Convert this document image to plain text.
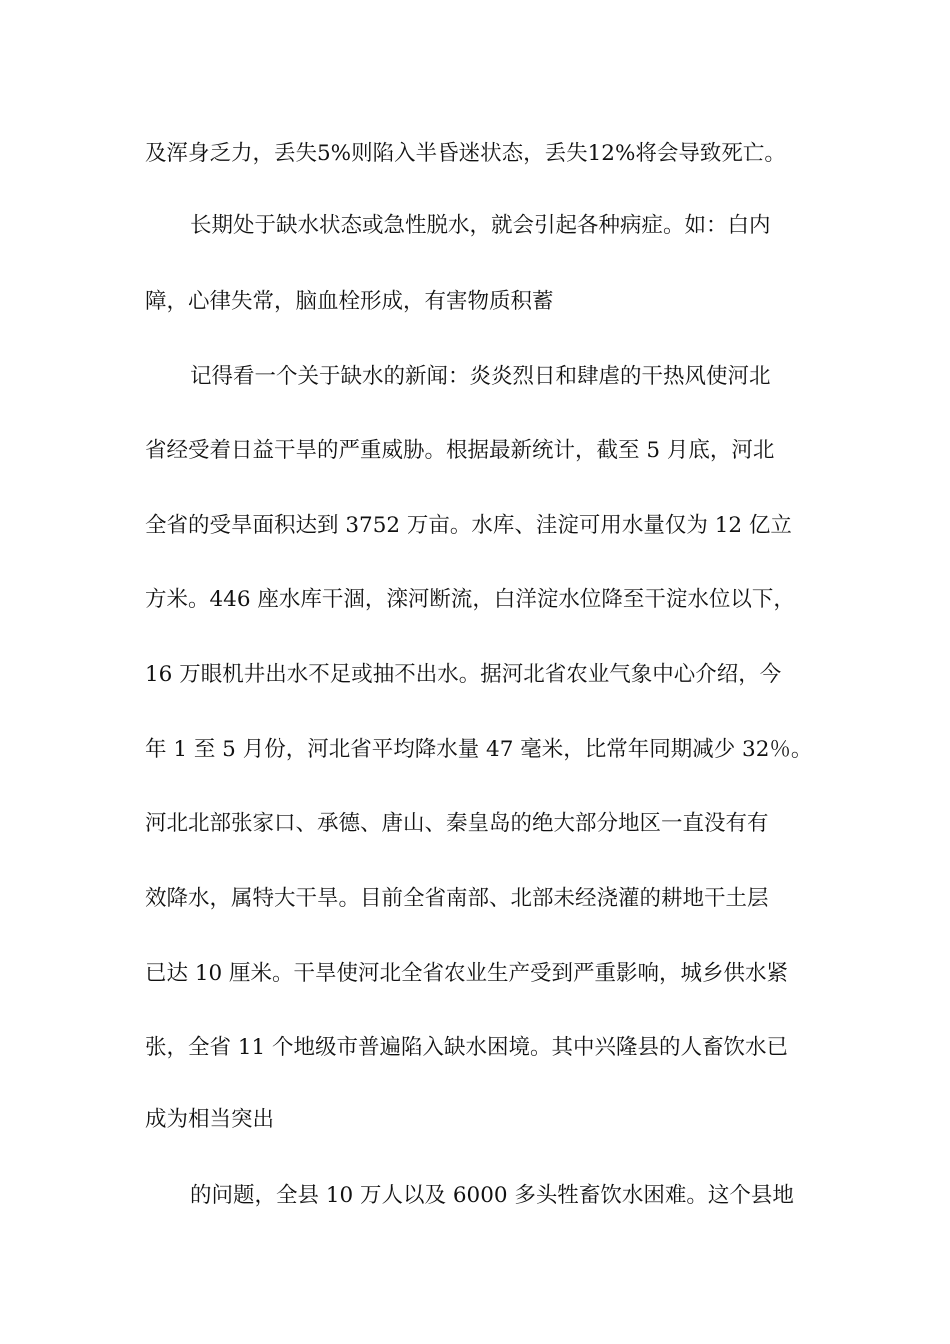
及浑身乏力，丢失5%则陷入半昏迷状态，丢失12%将会导致死亡。
长期处于缺水状态或急性脱水，就会引起各种病症。如：白内
障，心律失常，脑血栓形成，有害物质积蓄
记得看一个关于缺水的新闻：炎炎烈日和肆虐的干热风使河北
省经受着日益干旱的严重威胁。根据最新统计，截至 5 月底，河北
全省的受旱面积达到 3752 万亩。水库、洼淀可用水量仅为 12 亿立
方米。446 座水库干涸，滦河断流，白洋淀水位降至干淀水位以下，
16 万眼机井出水不足或抽不出水。据河北省农业气象中心介绍，今
年 1 至 5 月份，河北省平均降水量 47 毫米，比常年同期减少 32％。
河北北部张家口、承德、唐山、秦皇岛的绝大部分地区一直没有有
效降水，属特大干旱。目前全省南部、北部未经浇灌的耕地干土层
已达 10 厘米。干旱使河北全省农业生产受到严重影响，城乡供水紧
张，全省 11 个地级市普遍陷入缺水困境。其中兴隆县的人畜饮水已
成为相当突出
的问题，全县 10 万人以及 6000 多头牲畜饮水困难。这个县地
